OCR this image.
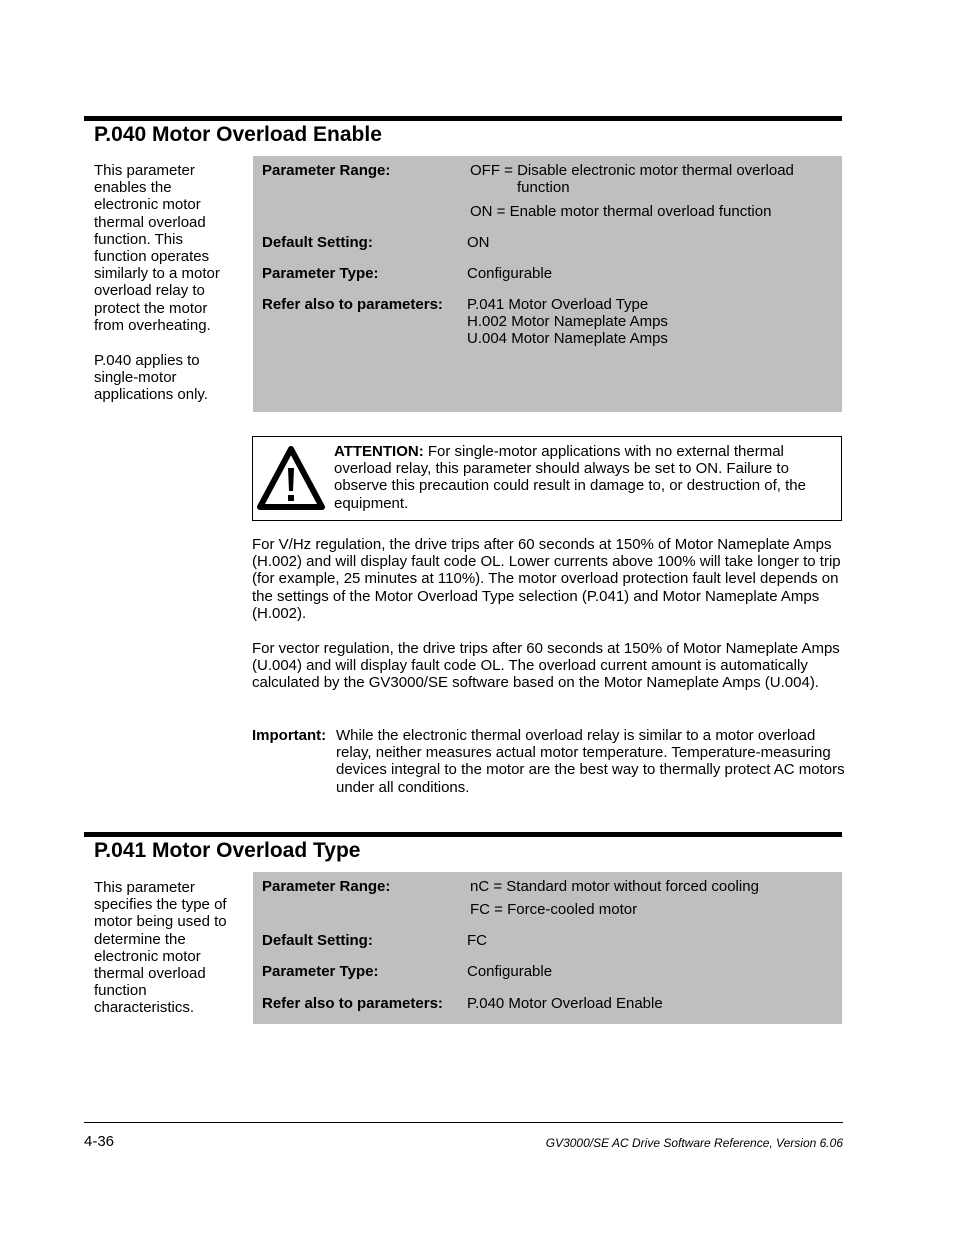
P.040 Motor Overload Enable

This parameter enables the electronic motor thermal overload function. This function operates similarly to a motor overload relay to protect the motor from overheating.

P.040 applies to single-motor applications only.

Parameter Range:	OFF = Disable electronic motor thermal overload
function
ON = Enable motor thermal overload function
Default Setting:	ON
Parameter Type:	Configurable
Refer also to parameters: P.041 Motor Overload Type
H.002 Motor Nameplate Amps
U.004 Motor Nameplate Amps
ATTENTION: For single-motor applications with no external thermal overload relay, this parameter should always be set to ON. Failure to observe this precaution could result in damage to, or destruction of, the equipment.
For V/Hz regulation, the drive trips after 60 seconds at 150% of Motor Nameplate Amps (H.002) and will display fault code OL. Lower currents above 100% will take longer to trip (for example, 25 minutes at 110%). The motor overload protection fault level depends on the settings of the Motor Overload Type selection (P.041) and Motor Nameplate Amps (H.002).
For vector regulation, the drive trips after 60 seconds at 150% of Motor Nameplate Amps (U.004) and will display fault code OL. The overload current amount is automatically calculated by the GV3000/SE software based on the Motor Nameplate Amps (U.004).
Important: While the electronic thermal overload relay is similar to a motor overload relay, neither measures actual motor temperature. Temperature-measuring devices integral to the motor are the best way to thermally protect AC motors under all conditions.
P.041 Motor Overload Type

This parameter specifies the type of motor being used to determine the electronic motor thermal overload function characteristics.

Parameter Range:	nC = Standard motor without forced cooling
FC = Force-cooled motor
Default Setting:	FC
Parameter Type:	Configurable
Refer also to parameters: P.040 Motor Overload Enable
4-36	GV3000/SE AC Drive Software Reference, Version 6.06
